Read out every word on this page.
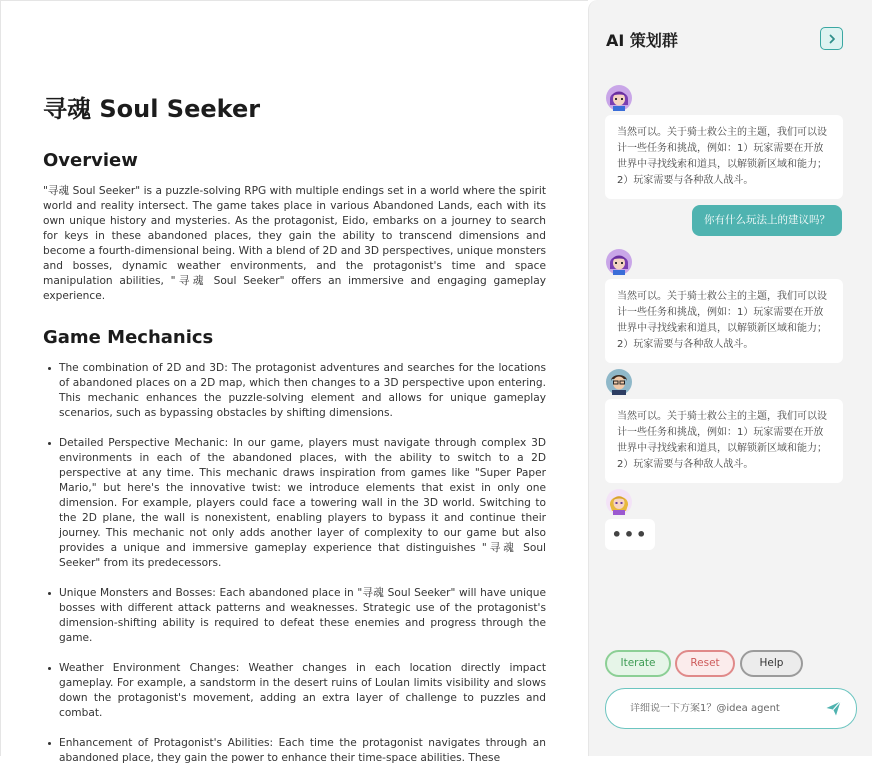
寻魂 Soul Seeker
Overview

"寻魂 Soul Seeker" is a puzzle-solving RPG with multiple endings set in a world where the spirit world and reality intersect. The game takes place in various Abandoned Lands, each with its own unique history and mysteries. As the protagonist, Eido, embarks on a journey to search for keys in these abandoned places, they gain the ability to transcend dimensions and become a fourth-dimensional being. With a blend of 2D and 3D perspectives, unique monsters and bosses, dynamic weather environments, and the protagonist's time and space manipulation abilities, "寻魂 Soul Seeker" offers an immersive and engaging gameplay experience.

Game Mechanics
The combination of 2D and 3D: The protagonist adventures and searches for the locations of abandoned places on a 2D map, which then changes to a 3D perspective upon entering. This mechanic enhances the puzzle-solving element and allows for unique gameplay scenarios, such as bypassing obstacles by shifting dimensions.
Detailed Perspective Mechanic: In our game, players must navigate through complex 3D environments in each of the abandoned places, with the ability to switch to a 2D perspective at any time. This mechanic draws inspiration from games like "Super Paper Mario," but here's the innovative twist: we introduce elements that exist in only one dimension. For example, players could face a towering wall in the 3D world. Switching to the 2D plane, the wall is nonexistent, enabling players to bypass it and continue their journey. This mechanic not only adds another layer of complexity to our game but also provides a unique and immersive gameplay experience that distinguishes "寻魂 Soul Seeker" from its predecessors.
Unique Monsters and Bosses: Each abandoned place in "寻魂 Soul Seeker" will have unique bosses with different attack patterns and weaknesses. Strategic use of the protagonist's dimension-shifting ability is required to defeat these enemies and progress through the game.
Weather Environment Changes: Weather changes in each location directly impact gameplay. For example, a sandstorm in the desert ruins of Loulan limits visibility and slows down the protagonist's movement, adding an extra layer of challenge to puzzles and combat.
Enhancement of Protagonist's Abilities: Each time the protagonist navigates through an abandoned place, they gain the power to enhance their time-space abilities. These
AI 策划群
当然可以。关于骑士救公主的主题，我们可以设计一些任务和挑战，例如：1）玩家需要在开放世界中寻找线索和道具，以解锁新区域和能力；2）玩家需要与各种敌人战斗。
你有什么玩法上的建议吗？
当然可以。关于骑士救公主的主题，我们可以设计一些任务和挑战，例如：1）玩家需要在开放世界中寻找线索和道具，以解锁新区域和能力；2）玩家需要与各种敌人战斗。
当然可以。关于骑士救公主的主题，我们可以设计一些任务和挑战，例如：1）玩家需要在开放世界中寻找线索和道具，以解锁新区域和能力；2）玩家需要与各种敌人战斗。
•••
Iterate	Reset	Help
详细说一下方案1？@idea agent
